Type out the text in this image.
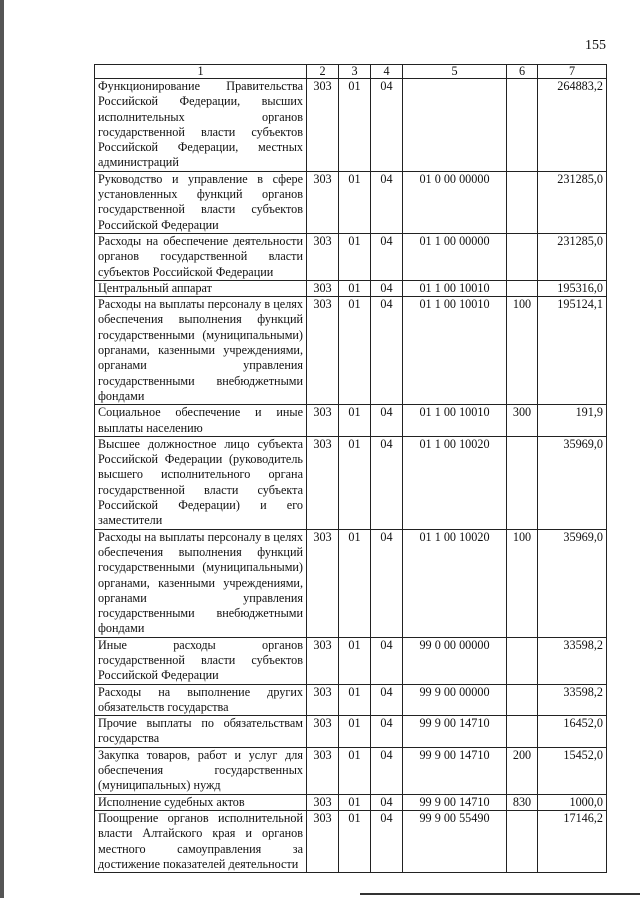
155
1	2	3	4	5	6	7
Функционирование Правительства Российской Федерации, высших исполнительных органов государственной власти субъектов Российской Федерации, местных администраций	303	01	04			264883,2
Руководство и управление в сфере установленных функций органов государственной власти субъектов Российской Федерации	303	01	04	01 0 00 00000		231285,0
Расходы на обеспечение деятельности органов государственной власти субъектов Российской Федерации	303	01	04	01 1 00 00000		231285,0
Центральный аппарат	303	01	04	01 1 00 10010		195316,0
Расходы на выплаты персоналу в целях обеспечения выполнения функций государственными (муниципальными) органами, казенными учреждениями, органами управления государственными внебюджетными фондами	303	01	04	01 1 00 10010	100	195124,1
Социальное обеспечение и иные выплаты населению	303	01	04	01 1 00 10010	300	191,9
Высшее должностное лицо субъекта Российской Федерации (руководитель высшего исполнительного органа государственной власти субъекта Российской Федерации) и его заместители	303	01	04	01 1 00 10020		35969,0
Расходы на выплаты персоналу в целях обеспечения выполнения функций государственными (муниципальными) органами, казенными учреждениями, органами управления государственными внебюджетными фондами	303	01	04	01 1 00 10020	100	35969,0
Иные расходы органов государственной власти субъектов Российской Федерации	303	01	04	99 0 00 00000		33598,2
Расходы на выполнение других обязательств государства	303	01	04	99 9 00 00000		33598,2
Прочие выплаты по обязательствам государства	303	01	04	99 9 00 14710		16452,0
Закупка товаров, работ и услуг для обеспечения государственных (муниципальных) нужд	303	01	04	99 9 00 14710	200	15452,0
Исполнение судебных актов	303	01	04	99 9 00 14710	830	1000,0
Поощрение органов исполнительной власти Алтайского края и органов местного самоуправления за достижение показателей деятельности	303	01	04	99 9 00 55490		17146,2
